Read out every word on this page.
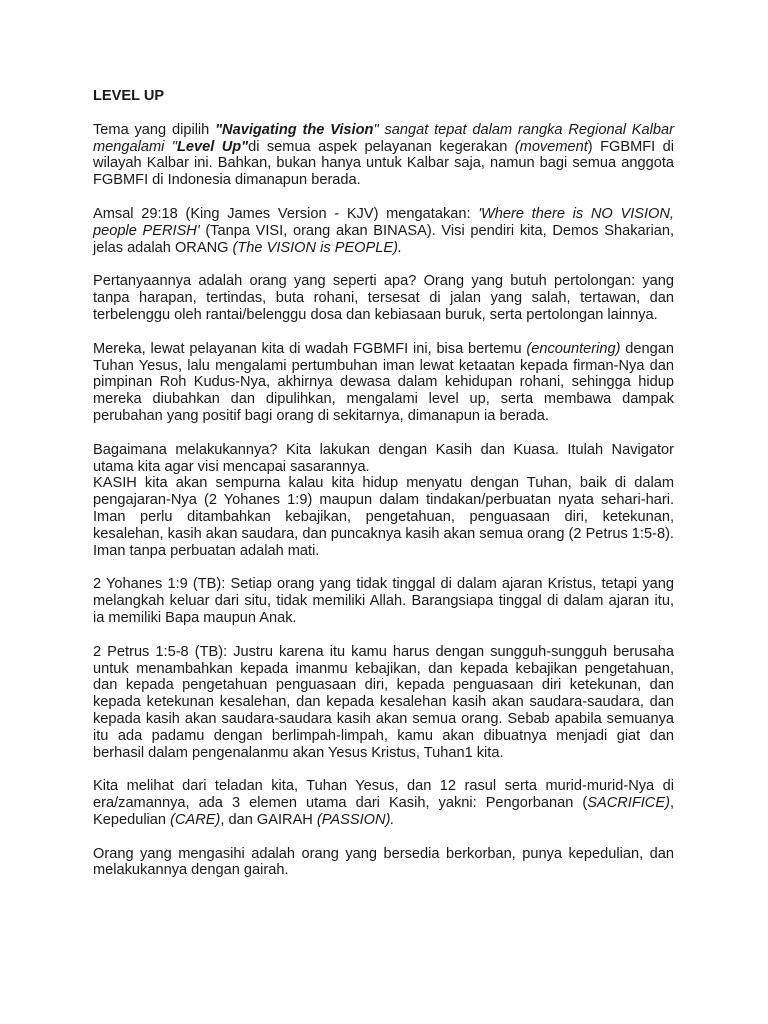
LEVEL UP

Tema yang dipilih "Navigating the Vision" sangat tepat dalam rangka Regional Kalbar mengalami "Level Up"di semua aspek pelayanan kegerakan (movement) FGBMFI di wilayah Kalbar ini. Bahkan, bukan hanya untuk Kalbar saja, namun bagi semua anggota FGBMFI di Indonesia dimanapun berada.

Amsal 29:18 (King James Version - KJV) mengatakan: 'Where there is NO VISION, people PERISH' (Tanpa VISI, orang akan BINASA). Visi pendiri kita, Demos Shakarian, jelas adalah ORANG (The VISION is PEOPLE).

Pertanyaannya adalah orang yang seperti apa? Orang yang butuh pertolongan: yang tanpa harapan, tertindas, buta rohani, tersesat di jalan yang salah, tertawan, dan terbelenggu oleh rantai/belenggu dosa dan kebiasaan buruk, serta pertolongan lainnya.

Mereka, lewat pelayanan kita di wadah FGBMFI ini, bisa bertemu (encountering) dengan Tuhan Yesus, lalu mengalami pertumbuhan iman lewat ketaatan kepada firman-Nya dan pimpinan Roh Kudus-Nya, akhirnya dewasa dalam kehidupan rohani, sehingga hidup mereka diubahkan dan dipulihkan, mengalami level up, serta membawa dampak perubahan yang positif bagi orang di sekitarnya, dimanapun ia berada.

Bagaimana melakukannya? Kita lakukan dengan Kasih dan Kuasa. Itulah Navigator utama kita agar visi mencapai sasarannya.

KASIH kita akan sempurna kalau kita hidup menyatu dengan Tuhan, baik di dalam pengajaran-Nya (2 Yohanes 1:9) maupun dalam tindakan/perbuatan nyata sehari-hari. Iman perlu ditambahkan kebajikan, pengetahuan, penguasaan diri, ketekunan, kesalehan, kasih akan saudara, dan puncaknya kasih akan semua orang (2 Petrus 1:5-8). Iman tanpa perbuatan adalah mati.

2 Yohanes 1:9 (TB): Setiap orang yang tidak tinggal di dalam ajaran Kristus, tetapi yang melangkah keluar dari situ, tidak memiliki Allah. Barangsiapa tinggal di dalam ajaran itu, ia memiliki Bapa maupun Anak.

2 Petrus 1:5-8 (TB): Justru karena itu kamu harus dengan sungguh-sungguh berusaha untuk menambahkan kepada imanmu kebajikan, dan kepada kebajikan pengetahuan, dan kepada pengetahuan penguasaan diri, kepada penguasaan diri ketekunan, dan kepada ketekunan kesalehan, dan kepada kesalehan kasih akan saudara-saudara, dan kepada kasih akan saudara-saudara kasih akan semua orang. Sebab apabila semuanya itu ada padamu dengan berlimpah-limpah, kamu akan dibuatnya menjadi giat dan berhasil dalam pengenalanmu akan Yesus Kristus, Tuhan1 kita.

Kita melihat dari teladan kita, Tuhan Yesus, dan 12 rasul serta murid-murid-Nya di era/zamannya, ada 3 elemen utama dari Kasih, yakni: Pengorbanan (SACRIFICE), Kepedulian (CARE), dan GAIRAH (PASSION).

Orang yang mengasihi adalah orang yang bersedia berkorban, punya kepedulian, dan melakukannya dengan gairah.
